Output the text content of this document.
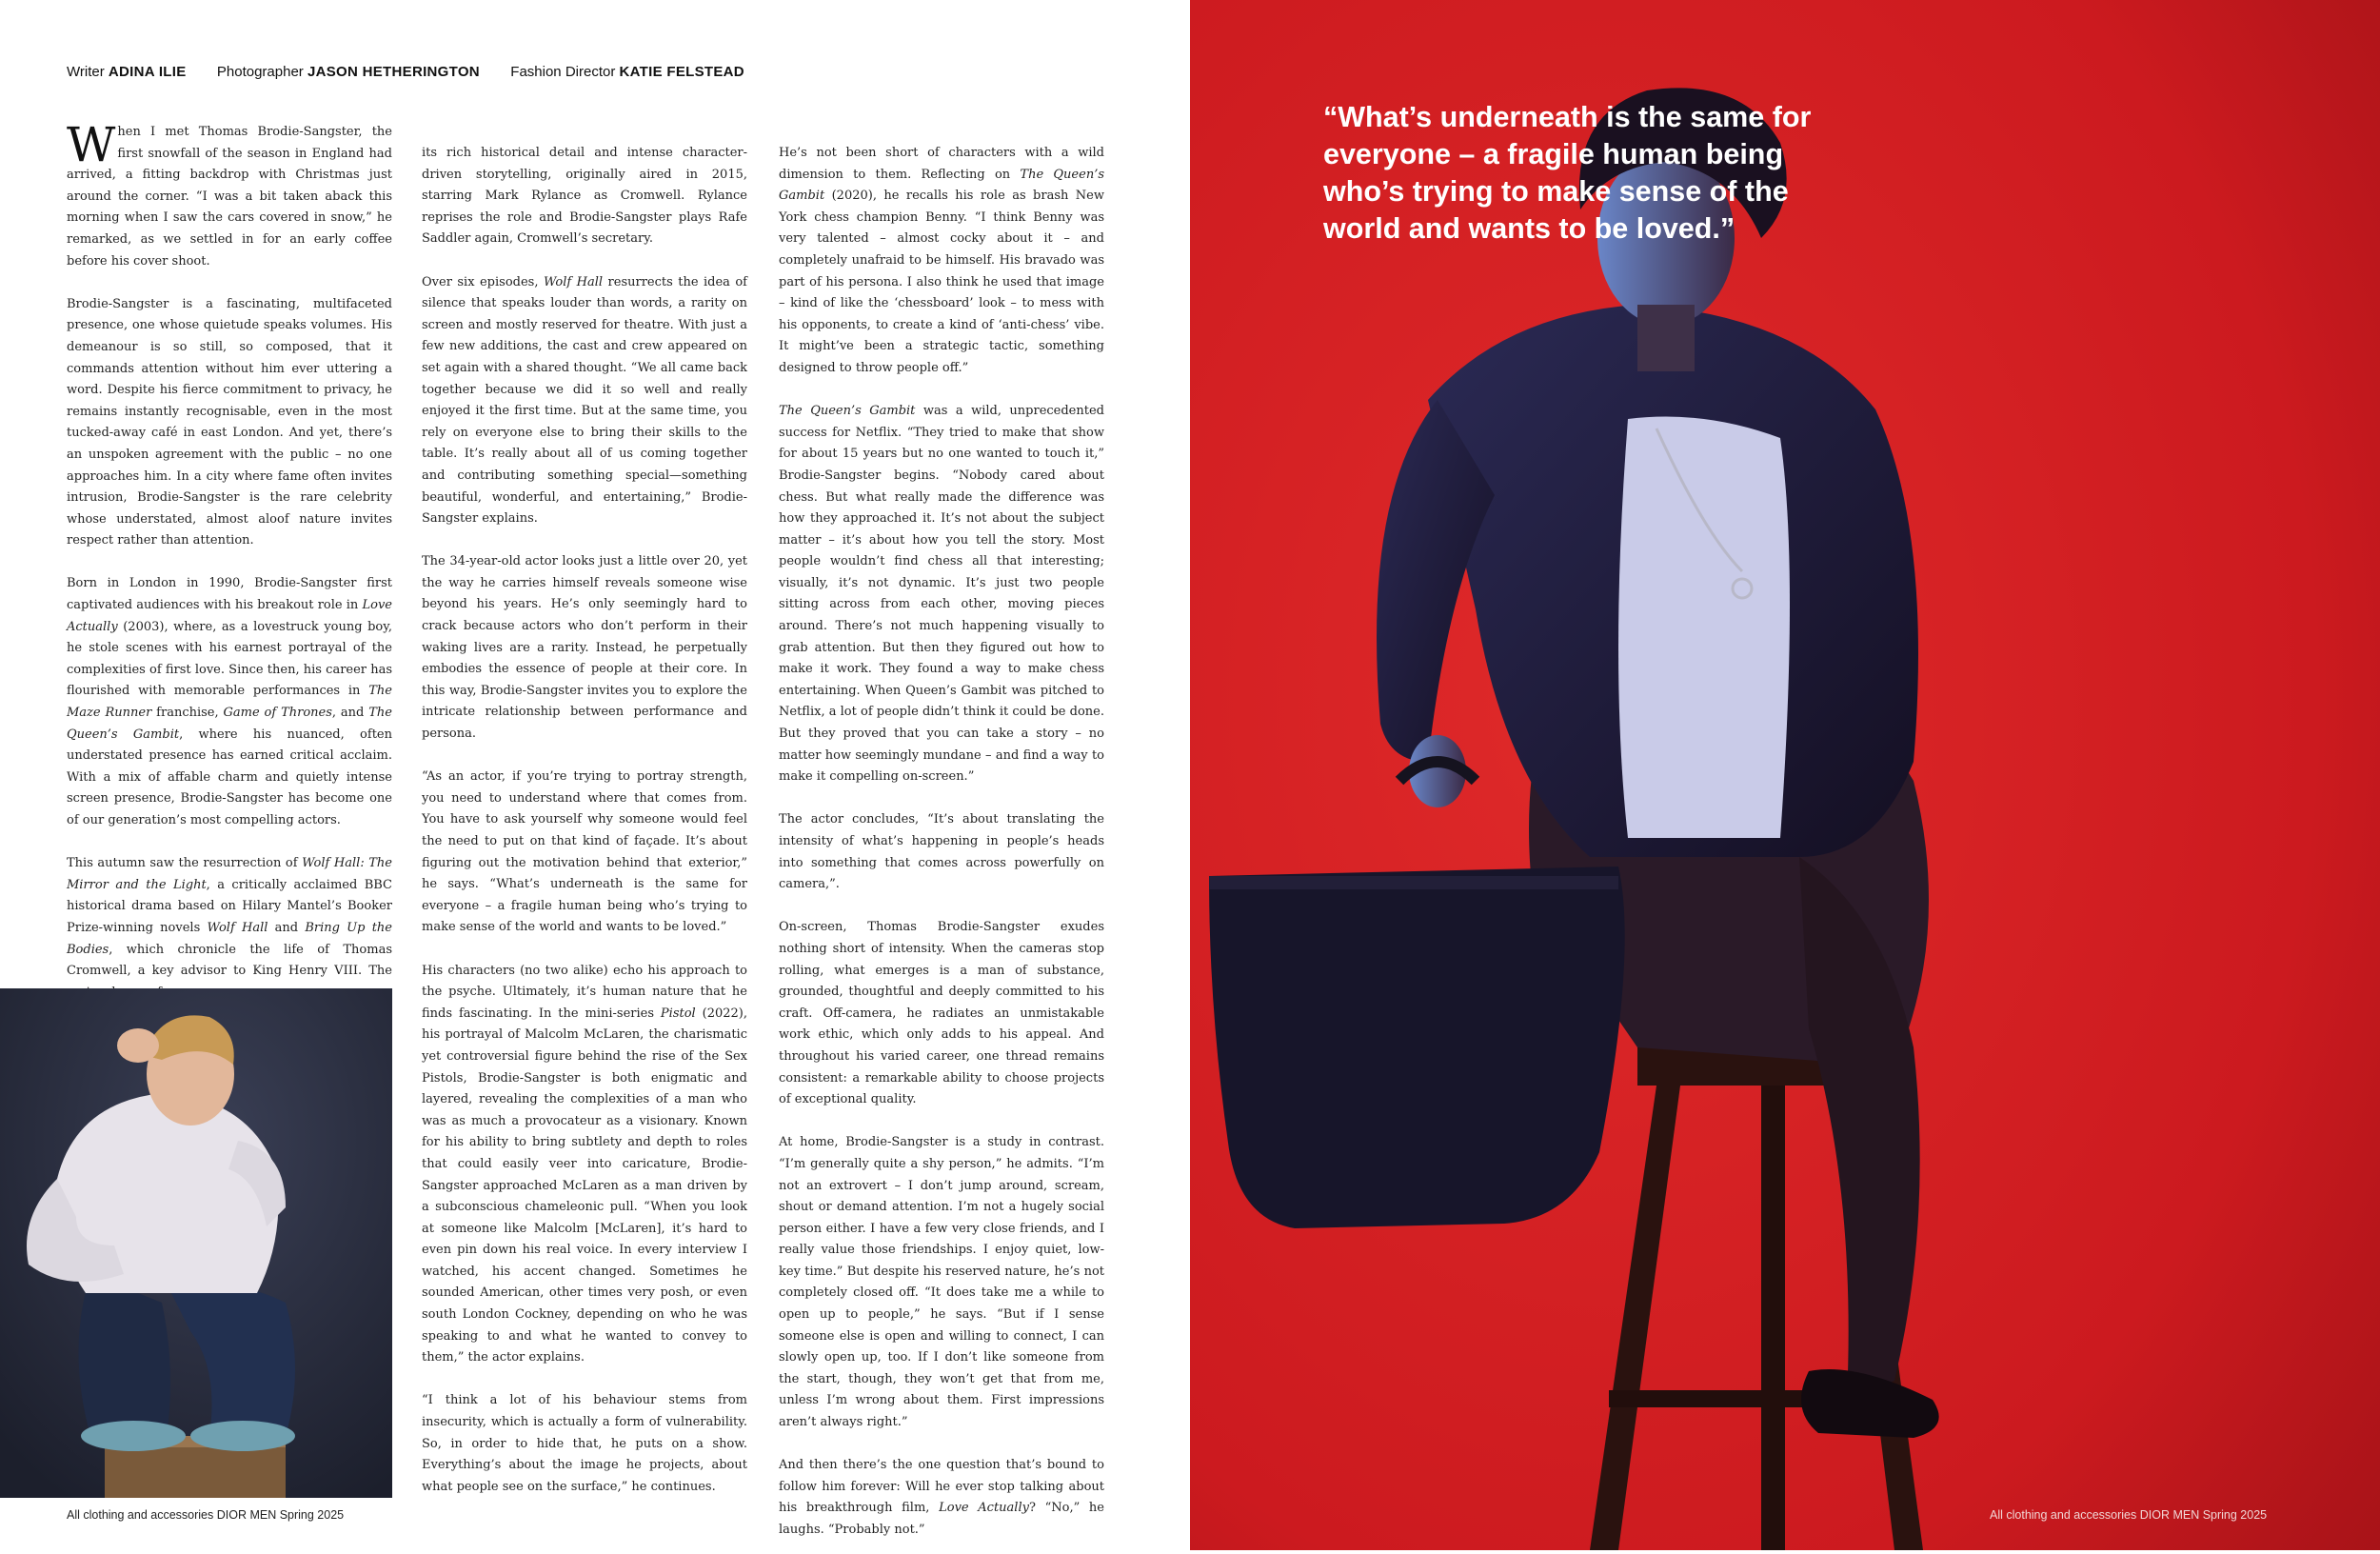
Writer ADINA ILIE Photographer JASON HETHERINGTON Fashion Director KATIE FELSTEAD

When I met Thomas Brodie-Sangster, the first snowfall of the season in England had arrived, a fitting backdrop with Christmas just around the corner. “I was a bit taken aback this morning when I saw the cars covered in snow,” he remarked, as we settled in for an early coffee before his cover shoot.

Brodie-Sangster is a fascinating, multifaceted presence, one whose quietude speaks volumes. His demeanour is so still, so composed, that it commands attention without him ever uttering a word. Despite his fierce commitment to privacy, he remains instantly recognisable, even in the most tucked-away café in east London. And yet, there’s an unspoken agreement with the public – no one approaches him. In a city where fame often invites intrusion, Brodie-Sangster is the rare celebrity whose understated, almost aloof nature invites respect rather than attention.

Born in London in 1990, Brodie-Sangster first captivated audiences with his breakout role in Love Actually (2003), where, as a lovestruck young boy, he stole scenes with his earnest portrayal of the complexities of first love. Since then, his career has flourished with memorable performances in The Maze Runner franchise, Game of Thrones, and The Queen’s Gambit, where his nuanced, often understated presence has earned critical acclaim. With a mix of affable charm and quietly intense screen presence, Brodie-Sangster has become one of our generation’s most compelling actors.

This autumn saw the resurrection of Wolf Hall: The Mirror and the Light, a critically acclaimed BBC historical drama based on Hilary Mantel’s Booker Prize-winning novels Wolf Hall and Bring Up the Bodies, which chronicle the life of Thomas Cromwell, a key advisor to King Henry VIII. The

its rich historical detail and intense character-driven storytelling, originally aired in 2015, starring Mark Rylance as Cromwell. Rylance reprises the role and Brodie-Sangster plays Rafe Saddler again, Cromwell’s secretary.

Over six episodes, Wolf Hall resurrects the idea of silence that speaks louder than words, a rarity on screen and mostly reserved for theatre. With just a few new additions, the cast and crew appeared on set again with a shared thought. “We all came back together because we did it so well and really enjoyed it the first time. But at the same time, you rely on everyone else to bring their skills to the table. It’s really about all of us coming together and contributing something special—something beautiful, wonderful, and entertaining,” Brodie-Sangster explains.

The 34-year-old actor looks just a little over 20, yet the way he carries himself reveals someone wise beyond his years. He’s only seemingly hard to crack because actors who don’t perform in their waking lives are a rarity. Instead, he perpetually embodies the essence of people at their core. In this way, Brodie-Sangster invites you to explore the intricate relationship between performance and persona.

“As an actor, if you’re trying to portray strength, you need to understand where that comes from. You have to ask yourself why someone would feel the need to put on that kind of façade. It’s about figuring out the motivation behind that exterior,” he says. “What’s underneath is the same for everyone – a fragile human being who’s trying to make sense of the world and wants to be loved.”

His characters (no two alike) echo his approach to the psyche. Ultimately, it’s human nature that he finds fascinating. In the mini-series Pistol (2022), his portrayal of Malcolm McLaren, the charismatic yet controversial figure behind the rise of the Sex Pistols, Brodie-Sangster is both enigmatic and layered, revealing the complexities of a man who was as much a provocateur as a visionary. Known for his ability to bring subtlety and depth to roles that could easily veer into caricature, Brodie-Sangster approached McLaren as a man driven by a subconscious chameleonic pull. “When you look at someone like Malcolm [McLaren], it’s hard to even pin down his real voice. In every interview I watched, his accent changed. Sometimes he sounded American, other times very posh, or even south London Cockney, depending on who he was speaking to and what he wanted to convey to them,” the actor explains.

“I think a lot of his behaviour stems from insecurity, which is actually a form of vulnerability. So, in order to hide that, he puts on a show. Everything’s about the image he projects, about what people see on the surface,” he continues.

He’s not been short of characters with a wild dimension to them. Reflecting on The Queen’s Gambit (2020), he recalls his role as brash New York chess champion Benny. “I think Benny was very talented – almost cocky about it – and completely unafraid to be himself. His bravado was part of his persona. I also think he used that image – kind of like the ‘chessboard’ look – to mess with his opponents, to create a kind of ‘anti-chess’ vibe. It might’ve been a strategic tactic, something designed to throw people off.”

The Queen’s Gambit was a wild, unprecedented success for Netflix. “They tried to make that show for about 15 years but no one wanted to touch it,” Brodie-Sangster begins. “Nobody cared about chess. But what really made the difference was how they approached it. It’s not about the subject matter – it’s about how you tell the story. Most people wouldn’t find chess all that interesting; visually, it’s not dynamic. It’s just two people sitting across from each other, moving pieces around. There’s not much happening visually to grab attention. But then they figured out how to make it work. They found a way to make chess entertaining. When Queen’s Gambit was pitched to Netflix, a lot of people didn’t think it could be done. But they proved that you can take a story – no matter how seemingly mundane – and find a way to make it compelling on-screen.”

The actor concludes, “It’s about translating the intensity of what’s happening in people’s heads into something that comes across powerfully on camera,”.

On-screen, Thomas Brodie-Sangster exudes nothing short of intensity. When the cameras stop rolling, what emerges is a man of substance, grounded, thoughtful and deeply committed to his craft. Off-camera, he radiates an unmistakable work ethic, which only adds to his appeal. And throughout his varied career, one thread remains consistent: a remarkable ability to choose projects of exceptional quality.

At home, Brodie-Sangster is a study in contrast. “I’m generally quite a shy person,” he admits. “I’m not an extrovert – I don’t jump around, scream, shout or demand attention. I’m not a hugely social person either. I have a few very close friends, and I really value those friendships. I enjoy quiet, low-key time.” But despite his reserved nature, he’s not completely closed off. “It does take me a while to open up to people,” he says. “But if I sense someone else is open and willing to connect, I can slowly open up, too. If I don’t like someone from the start, though, they won’t get that from me, unless I’m wrong about them. First impressions aren’t always right.”

And then there’s the one question that’s bound to follow him forever: Will he ever stop talking about his breakthrough film, Love Actually? “No,” he laughs. “Probably not.”

All clothing and accessories DIOR MEN Spring 2025
“What’s underneath is the same for everyone – a fragile human being who’s trying to make sense of the world and wants to be loved.”
All clothing and accessories DIOR MEN Spring 2025
